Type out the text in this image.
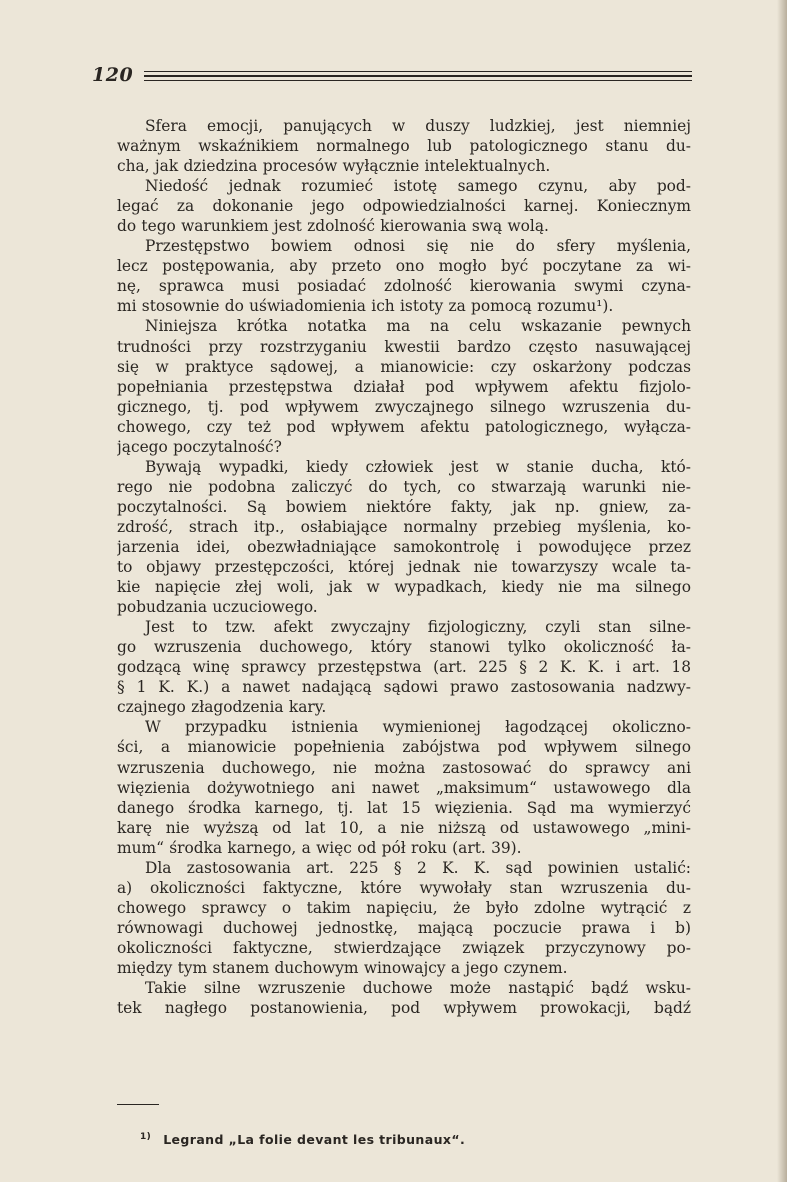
120
Sfera emocji, panujących w duszy ludzkiej, jest niemniej
ważnym wskaźnikiem normalnego lub patologicznego stanu du-
cha, jak dziedzina procesów wyłącznie intelektualnych.
Niedość jednak rozumieć istotę samego czynu, aby pod-
legać za dokonanie jego odpowiedzialności karnej. Koniecznym
do tego warunkiem jest zdolność kierowania swą wolą.
Przestępstwo bowiem odnosi się nie do sfery myślenia,
lecz postępowania, aby przeto ono mogło być poczytane za wi-
nę, sprawca musi posiadać zdolność kierowania swymi czyna-
mi stosownie do uświadomienia ich istoty za pomocą rozumu¹).
Niniejsza krótka notatka ma na celu wskazanie pewnych
trudności przy rozstrzyganiu kwestii bardzo często nasuwającej
się w praktyce sądowej, a mianowicie: czy oskarżony podczas
popełniania przestępstwa działał pod wpływem afektu fizjolo-
gicznego, tj. pod wpływem zwyczajnego silnego wzruszenia du-
chowego, czy też pod wpływem afektu patologicznego, wyłącza-
jącego poczytalność?
Bywają wypadki, kiedy człowiek jest w stanie ducha, któ-
rego nie podobna zaliczyć do tych, co stwarzają warunki nie-
poczytalności. Są bowiem niektóre fakty, jak np. gniew, za-
zdrość, strach itp., osłabiające normalny przebieg myślenia, ko-
jarzenia idei, obezwładniające samokontrolę i powodujęce przez
to objawy przestępczości, której jednak nie towarzyszy wcale ta-
kie napięcie złej woli, jak w wypadkach, kiedy nie ma silnego
pobudzania uczuciowego.
Jest to tzw. afekt zwyczajny fizjologiczny, czyli stan silne-
go wzruszenia duchowego, który stanowi tylko okoliczność ła-
godzącą winę sprawcy przestępstwa (art. 225 § 2 K. K. i art. 18
§ 1 K. K.) a nawet nadającą sądowi prawo zastosowania nadzwy-
czajnego złagodzenia kary.
W przypadku istnienia wymienionej łagodzącej okoliczno-
ści, a mianowicie popełnienia zabójstwa pod wpływem silnego
wzruszenia duchowego, nie można zastosować do sprawcy ani
więzienia dożywotniego ani nawet „maksimum“ ustawowego dla
danego środka karnego, tj. lat 15 więzienia. Sąd ma wymierzyć
karę nie wyższą od lat 10, a nie niższą od ustawowego „mini-
mum“ środka karnego, a więc od pół roku (art. 39).
Dla zastosowania art. 225 § 2 K. K. sąd powinien ustalić:
a) okoliczności faktyczne, które wywołały stan wzruszenia du-
chowego sprawcy o takim napięciu, że było zdolne wytrącić z
równowagi duchowej jednostkę, mającą poczucie prawa i b)
okoliczności faktyczne, stwierdzające związek przyczynowy po-
między tym stanem duchowym winowajcy a jego czynem.
Takie silne wzruszenie duchowe może nastąpić bądź wsku-
tek nagłego postanowienia, pod wpływem prowokacji, bądź
$^{1)}$ Legrand „La folie devant les tribunaux“.
